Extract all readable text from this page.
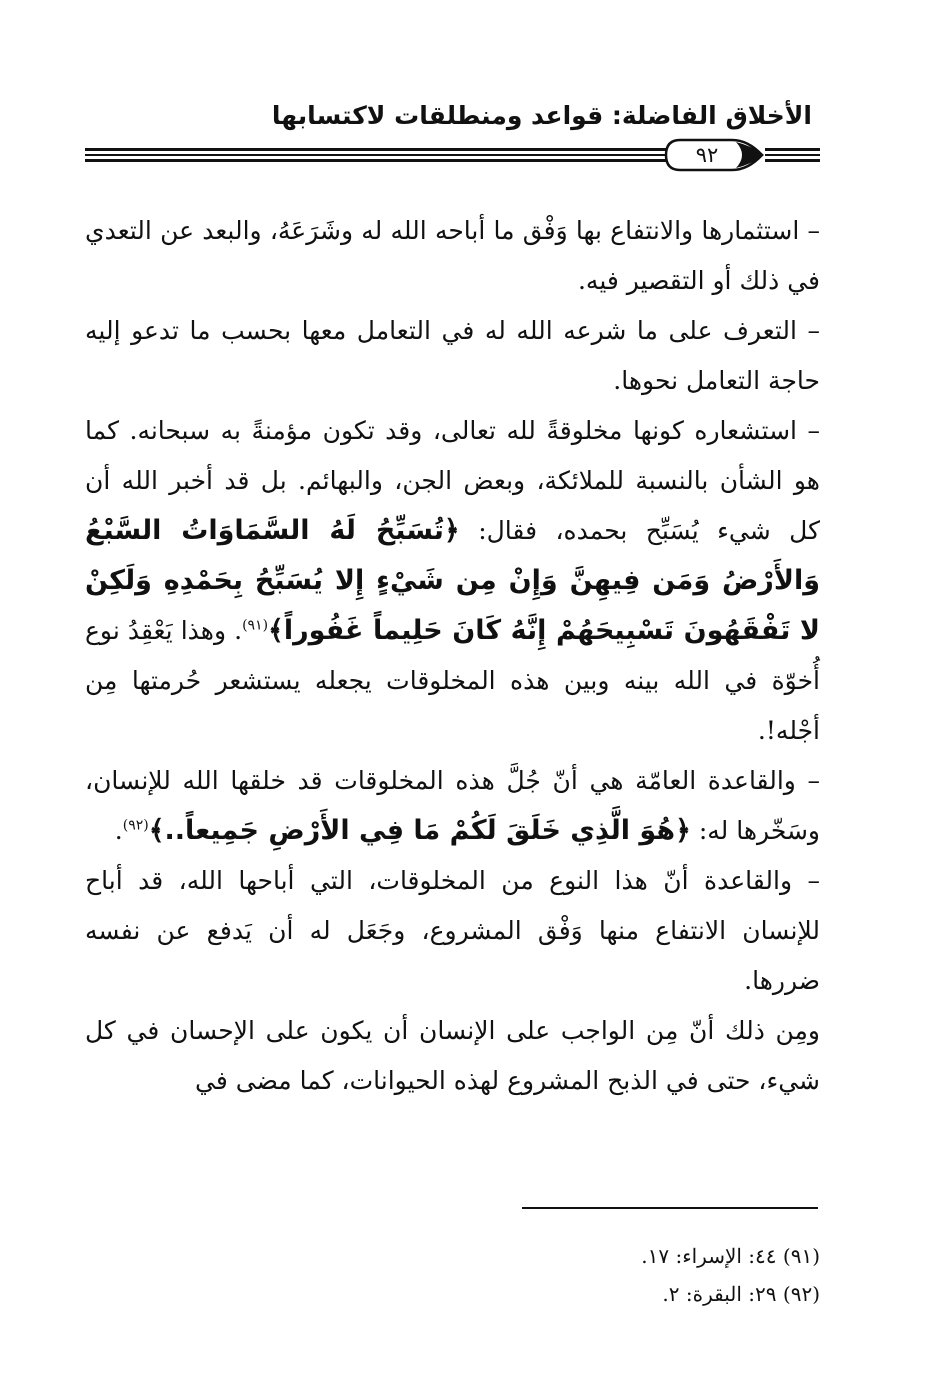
الأخلاق الفاضلة: قواعد ومنطلقات لاكتسابها
٩٢

– استثمارها والانتفاع بها وَفْق ما أباحه الله له وشَرَعَهُ، والبعد عن التعدي في ذلك أو التقصير فيه.

– التعرف على ما شرعه الله له في التعامل معها بحسب ما تدعو إليه حاجة التعامل نحوها.

– استشعاره كونها مخلوقةً لله تعالى، وقد تكون مؤمنةً به سبحانه. كما هو الشأن بالنسبة للملائكة، وبعض الجن، والبهائم. بل قد أخبر الله أن كل شيء يُسَبِّح بحمده، فقال: ﴿تُسَبِّحُ لَهُ السَّمَاوَاتُ السَّبْعُ وَالأَرْضُ وَمَن فِيهِنَّ وَإِنْ مِن شَيْءٍ إِلا يُسَبِّحُ بِحَمْدِهِ وَلَكِنْ لا تَفْقَهُونَ تَسْبِيحَهُمْ إِنَّهُ كَانَ حَلِيماً غَفُوراً﴾$^{(٩١)}$. وهذا يَعْقِدُ نوع أُخوّة في الله بينه وبين هذه المخلوقات يجعله يستشعر حُرمتها مِن أجْله!.

– والقاعدة العامّة هي أنّ جُلَّ هذه المخلوقات قد خلقها الله للإنسان، وسَخّرها له: ﴿هُوَ الَّذِي خَلَقَ لَكُمْ مَا فِي الأَرْضِ جَمِيعاً..﴾$^{(٩٢)}$.

– والقاعدة أنّ هذا النوع من المخلوقات، التي أباحها الله، قد أباح للإنسان الانتفاع منها وَفْق المشروع، وجَعَل له أن يَدفع عن نفسه ضررها.

ومِن ذلك أنّ مِن الواجب على الإنسان أن يكون على الإحسان في كل شيء، حتى في الذبح المشروع لهذه الحيوانات، كما مضى في

(٩١) ٤٤: الإسراء: ١٧.

(٩٢) ٢٩: البقرة: ٢.
